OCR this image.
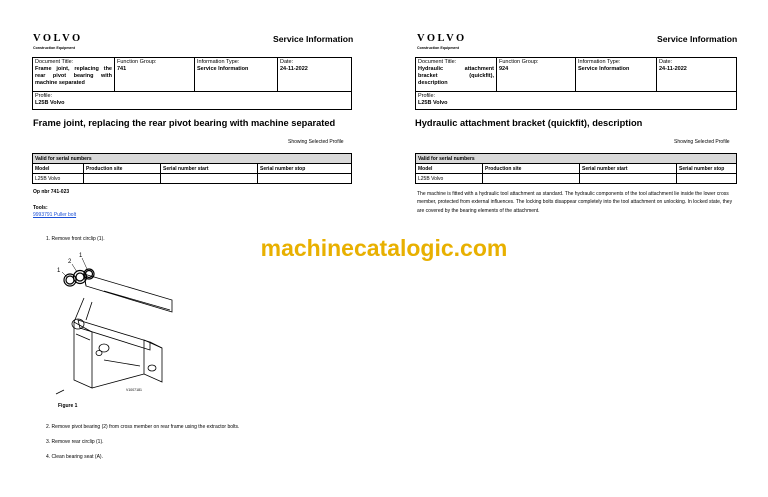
VOLVO
Construction Equipment
Service Information
Document Title:
Frame joint, replacing the
rear pivot bearing with
machine separated

Function Group:
741

Information Type:
Service Information

Date:
24-11-2022

Profile:
L25B Volvo
Frame joint, replacing the rear pivot bearing with machine separated
Showing Selected Profile
Valid for serial numbers			
Model	Production site	Serial number start	Serial number stop
L25B Volvo			
Op nbr 741-023
Tools:
9993791 Puller bolt
1. Remove front circlip (1).
1
2
1
V1007181
Figure 1
2. Remove pivot bearing (2) from cross member on rear frame using the extractor bolts.
3. Remove rear circlip (1).
4. Clean bearing seat (A).
VOLVO
Construction Equipment
Service Information
Document Title:
Hydraulic attachment
bracket (quickfit),
description

Function Group:
924

Information Type:
Service Information

Date:
24-11-2022

Profile:
L25B Volvo
Hydraulic attachment bracket (quickfit), description
Showing Selected Profile
Valid for serial numbers			
Model	Production site	Serial number start	Serial number stop
L25B Volvo			
The machine is fitted with a hydraulic tool attachment as standard. The hydraulic components of the tool attachment lie inside the lower cross member, protected from external influences. The locking bolts disappear completely into the tool attachment on unlocking. In locked state, they are covered by the bearing elements of the attachment.
machinecatalogic.com
